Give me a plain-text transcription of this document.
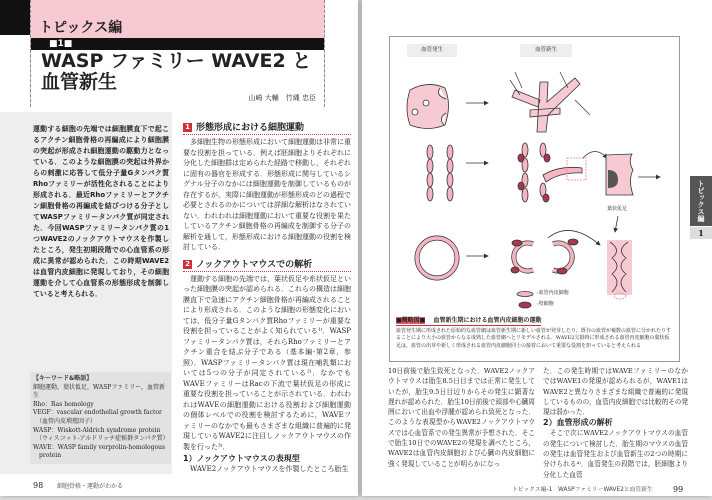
トピックス編
■1■
WASP ファミリー WAVE2 と
血管新生
山崎 大輔　竹縄 忠臣
運動する細胞の先端では細胞膜直下で起こるアクチン細胞骨格の再編成により細胞膜の突起が形成され細胞運動の駆動力となっている．このような細胞膜の突起は外界からの刺激に応答して低分子量Gタンパク質Rhoファミリーが活性化されることにより形成される．最近Rhoファミリーとアクチン細胞骨格の再編成を結びつける分子としてWASPファミリータンパク質が同定された．今回WASPファミリータンパク質の1つWAVE2のノックアウトマウスを作製したところ，発生初期段階での心血管系の形成に異常が認められた．この時期WAVE2は血管内皮細胞に発現しており，その細胞運動を介して心血管系の形態形成を制御していると考えられる．
【キーワード&略語】
細胞運動，葉状仮足，WASPファミリー，血管新生
Rho：Ras homology
VEGF：vascular endothelial growth factor
　（血管内皮増殖因子）
WASP：Wiskott-Aldrich syndrome protein
　（ウィスコット-アルドリッチ症候群タンパク質）
WAVE：WASP family verprolin-homologous
　protein
98 細胞骨格・運動がわかる
1 形態形成における細胞運動
多細胞生物の形態形成において細胞運動は非常に重要な役割を担っている．例えば胚細胞よりそれぞれに分化した細胞群は定められた経路で移動し，それぞれに固有の器官を形成する．形態形成に関与しているシグナル分子のなかには細胞運動を制御しているものが存在するが，実際に細胞運動が形態形成のどの過程で必要とされるのかについては詳細な解析はなされていない．われわれは細胞運動において重要な役割を果たしているアクチン細胞骨格の再編成を制御する分子の解析を通して，形態形成における細胞運動の役割を検討している．
2 ノックアウトマウスでの解析
運動する細胞の先端では，葉状仮足や糸状仮足といった細胞膜の突起が認められる．これらの構造は細胞膜直下で急速にアクチン細胞骨格が再編成されることにより形成される．このような細胞の形態変化においては，低分子量Gタンパク質Rhoファミリーが重要な役割を担っていることがよく知られている¹⁾．WASPファミリータンパク質は，それらRhoファミリーとアクチン重合を結ぶ分子である（基本編-第2章，参照）．WASPファミリータンパク質は現在哺乳類においては5つの分子が同定されている²⁾．なかでもWAVEファミリーはRacの下流で葉状仮足の形成に重要な役割を担っていることが示されている．われわれはWAVEの細胞運動における役割および細胞運動の個体レベルでの役割を検討するために，WAVEファミリーのなかでも最もさまざまな組織に普遍的に発現しているWAVE2に注目しノックアウトマウスの作製を行った³⁾．
1）ノックアウトマウスの表現型
WAVE2ノックアウトマウスを作製したところ胎生
血管発生	血管新生
葉状仮足
:血管内皮細胞
:壁細胞
■概略図■ 血管新生期における血管内皮細胞の運動
血管発生期に形成された原始的な血管網は血管新生期に新しい血管が発芽したり，既存の血管が複数の血管に分かれたりすることにより大小の血管からなる成熟した血管網へとリモデルされる．WAVE2欠損時に形成される血管内皮細胞の葉状仮足は，血管の出芽や新しく形成される血管内皮細胞同士の接着において重要な役割を担っていると考えられる
10日前後で胎生致死となった．WAVE2ノックアウトマウスは胎生8.5日目までは正常に発生していたが，胎生9.5日目辺りからその発生に顕著な遅れが認められた．胎生10日前後で頭部や心臓周囲において出血や浮腫が認められ致死となった．このような表現型からWAVE2ノックアウトマウスでは心血管系での発生異常が予想された．そこで胎生10日でのWAVE2の発現を調べたところ，WAVE2は血管内皮細胞および心臓の内皮細胞に強く発現していることが明らかになっ
た．この発生時期ではWAVEファミリーのなかではWAVE1の発現が認められるが，WAVE1はWAVE2と異なりさまざまな組織で普遍的に発現しているものの，血管内皮細胞では比較的その発現は弱かった．
2）血管形成の解析
そこで次にWAVE2ノックアウトマウスの血管の発生について検討した．胎生期のマウスの血管の発生は血管発生および血管新生の2つの時期に分けられる⁴⁾．血管発生の段階では，胚細胞より分化した血管
トピックス編
1
トピックス編-1　WASPファミリーWAVE2と血管新生	99
